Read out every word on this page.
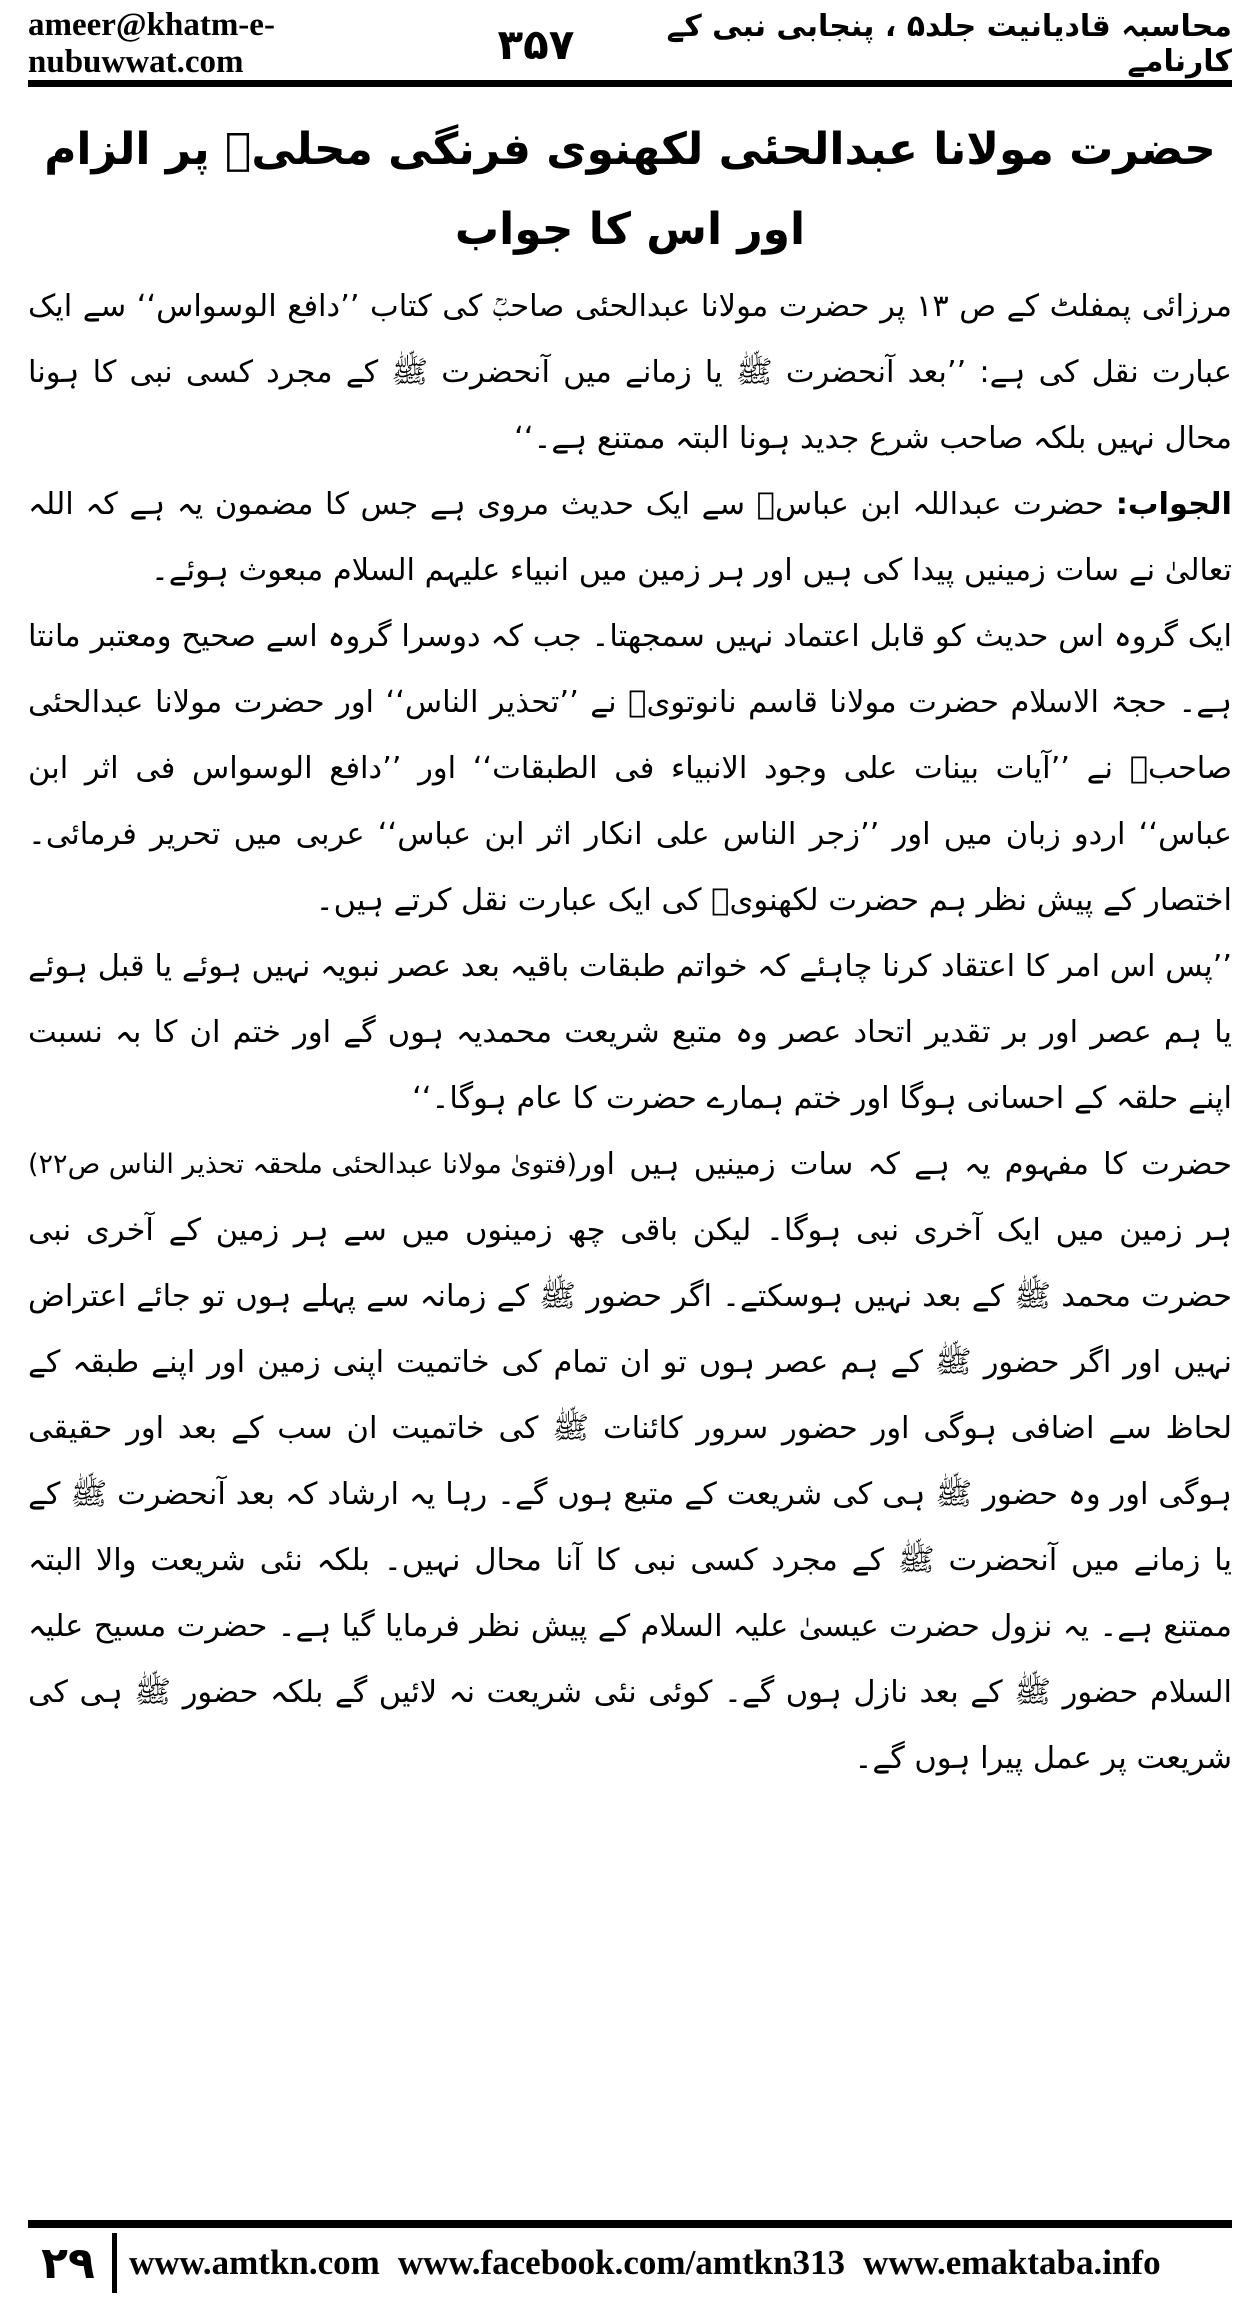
ameer@khatm-e-nubuwwat.com	۳۵۷	محاسبہ قادیانیت جلد۵ ، پنجابی نبی کے کارنامے
حضرت مولانا عبدالحئی لکھنوی فرنگی محلیؒ پر الزام اور اس کا جواب

مرزائی پمفلٹ کے ص ۱۳ پر حضرت مولانا عبدالحئی صاحبؒ کی کتاب ’’دافع الوسواس‘‘ سے ایک عبارت نقل کی ہے: ’’بعد آنحضرت ﷺ یا زمانے میں آنحضرت ﷺ کے مجرد کسی نبی کا ہونا محال نہیں بلکہ صاحب شرع جدید ہونا البتہ ممتنع ہے۔‘‘

الجواب: حضرت عبداللہ ابن عباسؓ سے ایک حدیث مروی ہے جس کا مضمون یہ ہے کہ اللہ تعالیٰ نے سات زمینیں پیدا کی ہیں اور ہر زمین میں انبیاء علیہم السلام مبعوث ہوئے۔

ایک گروہ اس حدیث کو قابل اعتماد نہیں سمجھتا۔ جب کہ دوسرا گروہ اسے صحیح ومعتبر مانتا ہے۔ حجۃ الاسلام حضرت مولانا قاسم نانوتویؒ نے ’’تحذیر الناس‘‘ اور حضرت مولانا عبدالحئی صاحبؒ نے ’’آیات بینات علی وجود الانبیاء فی الطبقات‘‘ اور ’’دافع الوسواس فی اثر ابن عباس‘‘ اردو زبان میں اور ’’زجر الناس علی انکار اثر ابن عباس‘‘ عربی میں تحریر فرمائی۔ اختصار کے پیش نظر ہم حضرت لکھنویؒ کی ایک عبارت نقل کرتے ہیں۔

’’پس اس امر کا اعتقاد کرنا چاہئے کہ خواتم طبقات باقیہ بعد عصر نبویہ نہیں ہوئے یا قبل ہوئے یا ہم عصر اور بر تقدیر اتحاد عصر وہ متبع شریعت محمدیہ ہوں گے اور ختم ان کا بہ نسبت اپنے حلقہ کے احسانی ہوگا اور ختم ہمارے حضرت کا عام ہوگا۔‘‘
(فتویٰ مولانا عبدالحئی ملحقہ تحذیر الناس ص۲۲) حضرت کا مفہوم یہ ہے کہ سات زمینیں ہیں اور ہر زمین میں ایک آخری نبی ہوگا۔ لیکن باقی چھ زمینوں میں سے ہر زمین کے آخری نبی حضرت محمد ﷺ کے بعد نہیں ہوسکتے۔ اگر حضور ﷺ کے زمانہ سے پہلے ہوں تو جائے اعتراض نہیں اور اگر حضور ﷺ کے ہم عصر ہوں تو ان تمام کی خاتمیت اپنی زمین اور اپنے طبقہ کے لحاظ سے اضافی ہوگی اور حضور سرور کائنات ﷺ کی خاتمیت ان سب کے بعد اور حقیقی ہوگی اور وہ حضور ﷺ ہی کی شریعت کے متبع ہوں گے۔ رہا یہ ارشاد کہ بعد آنحضرت ﷺ کے یا زمانے میں آنحضرت ﷺ کے مجرد کسی نبی کا آنا محال نہیں۔ بلکہ نئی شریعت والا البتہ ممتنع ہے۔ یہ نزول حضرت عیسیٰ علیہ السلام کے پیش نظر فرمایا گیا ہے۔ حضرت مسیح علیہ السلام حضور ﷺ کے بعد نازل ہوں گے۔ کوئی نئی شریعت نہ لائیں گے بلکہ حضور ﷺ ہی کی شریعت پر عمل پیرا ہوں گے۔

۲۹ www.amtkn.com www.facebook.com/amtkn313 www.emaktaba.info
